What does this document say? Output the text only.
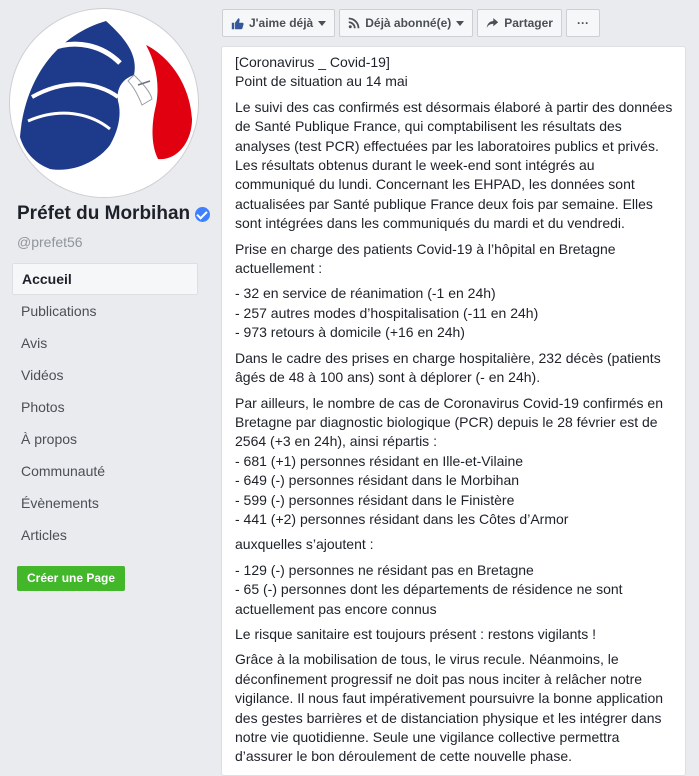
Préfet du Morbihan
@prefet56
Accueil
Publications
Avis
Vidéos
Photos
À propos
Communauté
Évènements
Articles
Créer une Page
J'aime déjà	Déjà abonné(e)	Partager ···

[Coronavirus _ Covid-19]
Point de situation au 14 mai

Le suivi des cas confirmés est désormais élaboré à partir des données
de Santé Publique France, qui comptabilisent les résultats des
analyses (test PCR) effectuées par les laboratoires publics et privés.
Les résultats obtenus durant le week-end sont intégrés au
communiqué du lundi. Concernant les EHPAD, les données sont
actualisées par Santé publique France deux fois par semaine. Elles
sont intégrées dans les communiqués du mardi et du vendredi.

Prise en charge des patients Covid-19 à l’hôpital en Bretagne
actuellement :

- 32 en service de réanimation (-1 en 24h)
- 257 autres modes d’hospitalisation (-11 en 24h)
- 973 retours à domicile (+16 en 24h)

Dans le cadre des prises en charge hospitalière, 232 décès (patients
âgés de 48 à 100 ans) sont à déplorer (- en 24h).

Par ailleurs, le nombre de cas de Coronavirus Covid-19 confirmés en
Bretagne par diagnostic biologique (PCR) depuis le 28 février est de
2564 (+3 en 24h), ainsi répartis :
- 681 (+1) personnes résidant en Ille-et-Vilaine
- 649 (-) personnes résidant dans le Morbihan
- 599 (-) personnes résidant dans le Finistère
- 441 (+2) personnes résidant dans les Côtes d’Armor

auxquelles s’ajoutent :

- 129 (-) personnes ne résidant pas en Bretagne
- 65 (-) personnes dont les départements de résidence ne sont
actuellement pas encore connus

Le risque sanitaire est toujours présent : restons vigilants !

Grâce à la mobilisation de tous, le virus recule. Néanmoins, le
déconfinement progressif ne doit pas nous inciter à relâcher notre
vigilance. Il nous faut impérativement poursuivre la bonne application
des gestes barrières et de distanciation physique et les intégrer dans
notre vie quotidienne. Seule une vigilance collective permettra
d’assurer le bon déroulement de cette nouvelle phase.
